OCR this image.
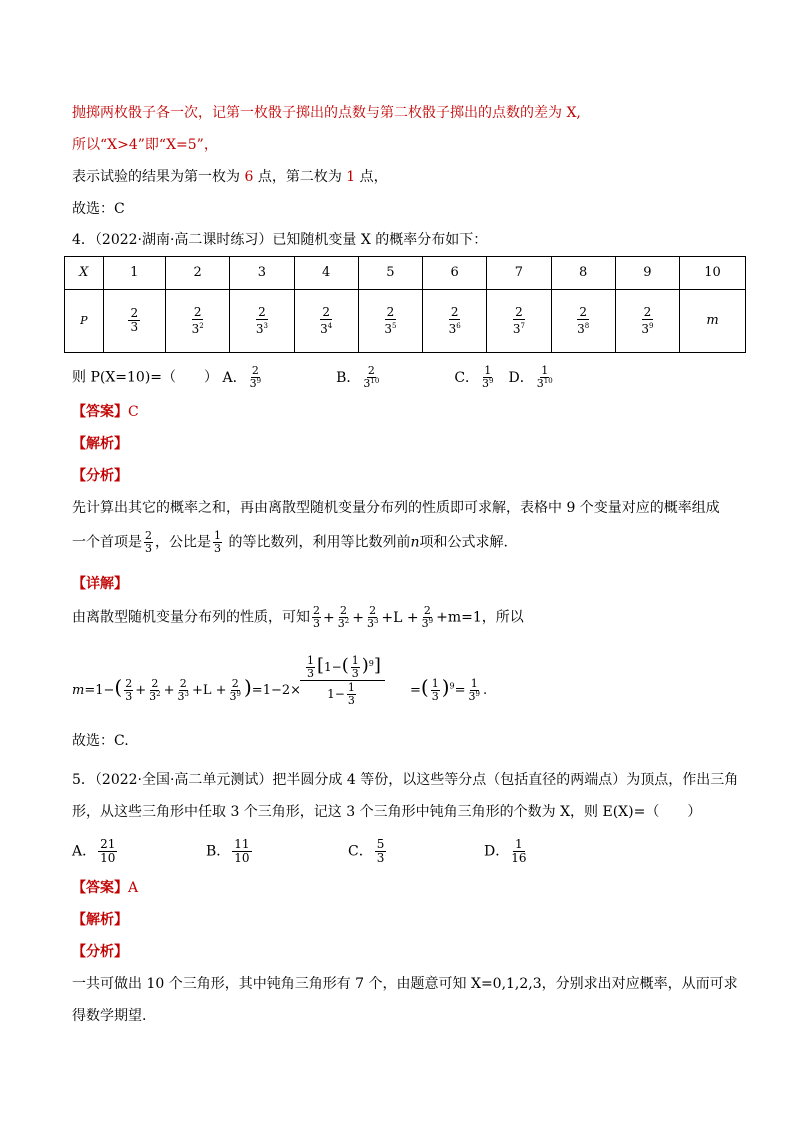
抛掷两枚骰子各一次，记第一枚骰子掷出的点数与第二枚骰子掷出的点数的差为 X,
所以“X>4”即“X=5”，
表示试验的结果为第一枚为 6 点，第二枚为 1 点，
故选：C
4．（2022·湖南·高二课时练习）已知随机变量 X 的概率分布如下：
X	1	2	3	4	5	6	7	8	9	10
P	$\frac{2}{3}$	$\frac{2}{3^2}$	$\frac{2}{3^3}$	$\frac{2}{3^4}$	$\frac{2}{3^5}$	$\frac{2}{3^6}$	$\frac{2}{3^7}$	$\frac{2}{3^8}$	$\frac{2}{3^9}$	m
则 P(X=10)=（　　） A． $\frac{2}{3^9}$	B． $\frac{2}{3^{10}}$	C． $\frac{1}{3^9}$ D． $\frac{1}{3^{10}}$
【答案】C
【解析】
【分析】
先计算出其它的概率之和，再由离散型随机变量分布列的性质即可求解，表格中 9 个变量对应的概率组成
一个首项是 $\frac{2}{3}$ ，公比是 $\frac{1}{3}$ 的等比数列，利用等比数列前n项和公式求解.
【详解】
由离散型随机变量分布列的性质，可知 $\frac{2}{3} + \frac{2}{3^2} + \frac{2}{3^3} +L + \frac{2}{3^9} +m=1$，所以
$m=1-( \frac{2}{3} + \frac{2}{3^2} + \frac{2}{3^3} +L + \frac{2}{3^9} )=1-2\times$
$\frac{1}{3} [1-( \frac{1}{3} )^9]$
$1- \frac{1}{3}$	=( $\frac{1}{3} )^9= \frac{1}{3^9}$ .
故选：C.
5．（2022·全国·高二单元测试）把半圆分成 4 等份，以这些等分点（包括直径的两端点）为顶点，作出三角
形，从这些三角形中任取 3 个三角形，记这 3 个三角形中钝角三角形的个数为 X，则 E(X)=（　　）
A． $\frac{21}{10}$	B． $\frac{11}{10}$	C． $\frac{5}{3}$	D． $\frac{1}{16}$
【答案】A
【解析】
【分析】
一共可做出 10 个三角形，其中钝角三角形有 7 个，由题意可知 X=0,1,2,3，分别求出对应概率，从而可求
得数学期望.
